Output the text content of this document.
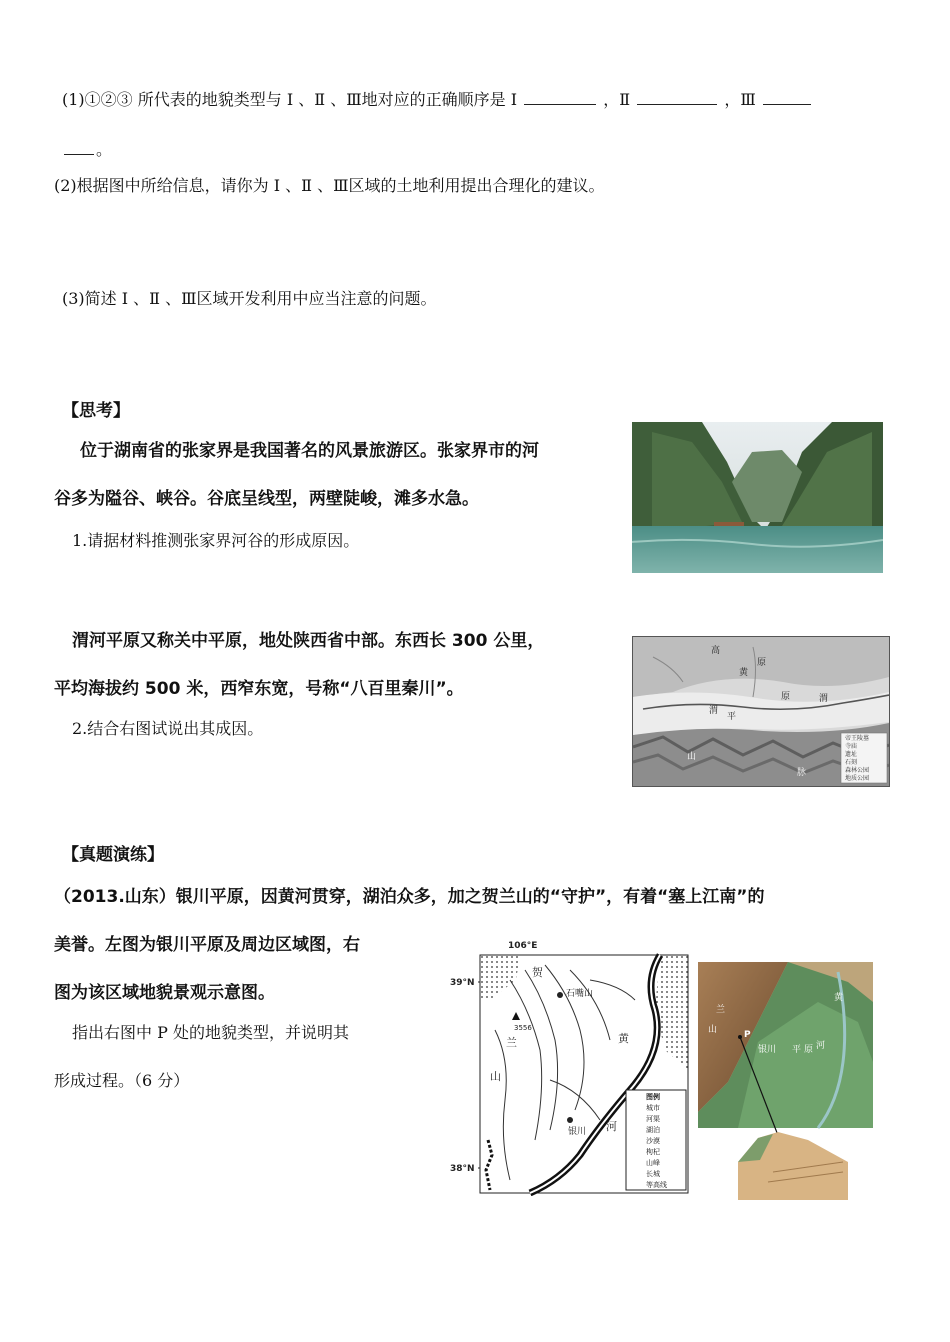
(1)①②③ 所代表的地貌类型与 Ⅰ 、Ⅱ 、Ⅲ地对应的正确顺序是 Ⅰ	，Ⅱ	，Ⅲ
。
(2)根据图中所给信息，请你为 Ⅰ 、Ⅱ 、Ⅲ区域的土地利用提出合理化的建议。
(3)简述 Ⅰ 、Ⅱ 、Ⅲ区域开发利用中应当注意的问题。
【思考】
位于湖南省的张家界是我国著名的风景旅游区。张家界市的河
谷多为隘谷、峡谷。谷底呈线型，两壁陡峻，滩多水急。
1.请据材料推测张家界河谷的形成原因。
渭河平原又称关中平原，地处陕西省中部。东西长 300 公里，
平均海拔约 500 米，西窄东宽，号称“八百里秦川”。
2.结合右图试说出其成因。
高
原
黄
渭
平
原	渭
山
脉
帝王陵墓
寺庙
遗址
石刻
森林公园
地质公园
【真题演练】
（2013.山东）银川平原，因黄河贯穿，湖泊众多，加之贺兰山的“守护”，有着“塞上江南”的
美誉。左图为银川平原及周边区域图，右
图为该区域地貌景观示意图。
指出右图中 P 处的地貌类型，并说明其
形成过程。（6 分）
106°E
39°N
38°N
贺
兰
山
石嘴山
银川
黄
河
3556
图例
城市
河渠
湖泊
沙漠
枸杞
山峰
长城
等高线
P
银川
黄
河
兰
山
平 原
